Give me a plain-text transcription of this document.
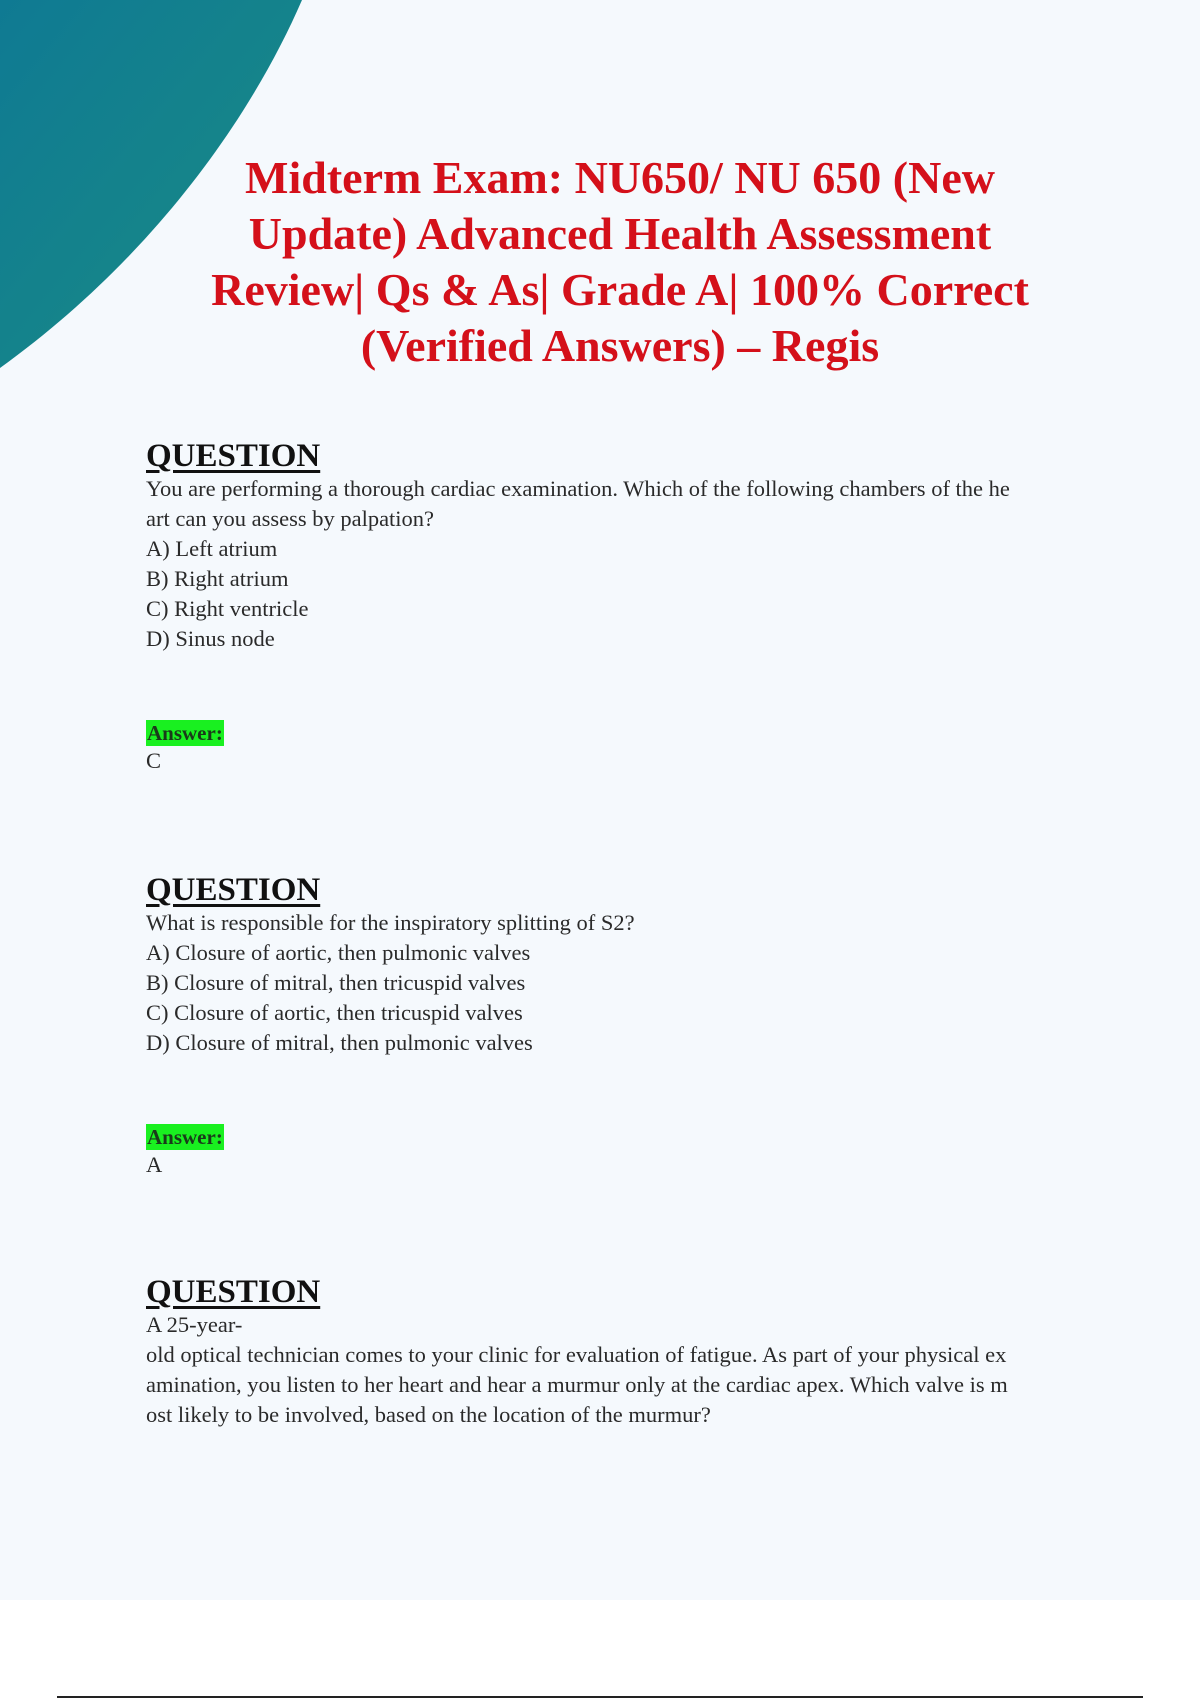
Midterm Exam: NU650/ NU 650 (New
Update) Advanced Health Assessment
Review| Qs & As| Grade A| 100% Correct
(Verified Answers) – Regis
QUESTION
You are performing a thorough cardiac examination. Which of the following chambers of the he
art can you assess by palpation?
A) Left atrium
B) Right atrium
C) Right ventricle
D) Sinus node
Answer:
C
QUESTION
What is responsible for the inspiratory splitting of S2?
A) Closure of aortic, then pulmonic valves
B) Closure of mitral, then tricuspid valves
C) Closure of aortic, then tricuspid valves
D) Closure of mitral, then pulmonic valves
Answer:
A
QUESTION
A 25-year-
old optical technician comes to your clinic for evaluation of fatigue. As part of your physical ex
amination, you listen to her heart and hear a murmur only at the cardiac apex. Which valve is m
ost likely to be involved, based on the location of the murmur?
